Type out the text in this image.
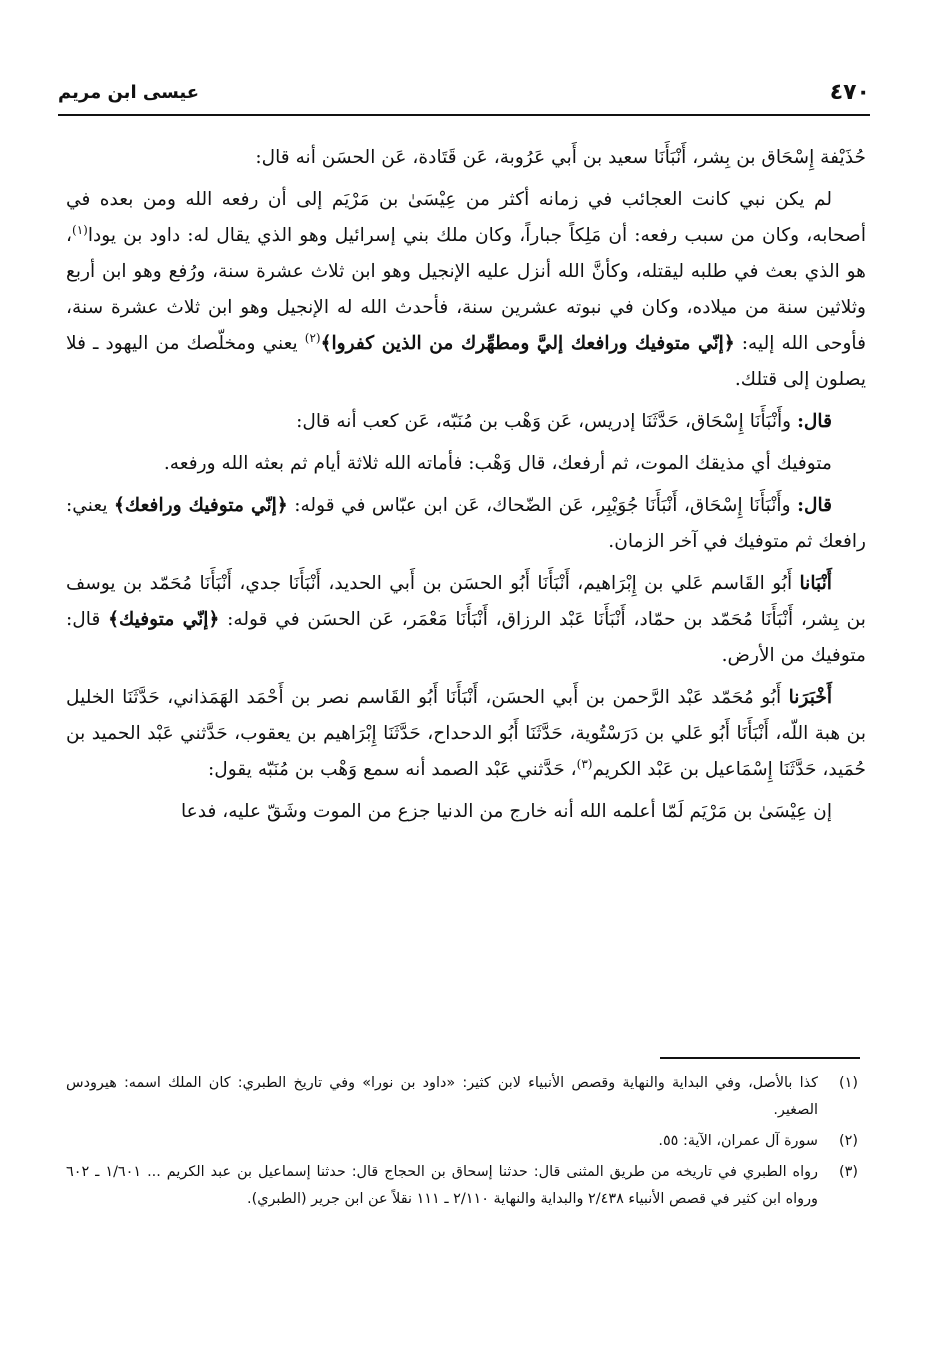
٤٧٠
عيسى ابن مريم

حُذَيْفة إِسْحَاق بن بِشر، أَنْبَأَنَا سعيد بن أَبي عَرُوبة، عَن قَتَادة، عَن الحسَن أنه قال:

لم يكن نبي كانت العجائب في زمانه أكثر من عِيْسَىٰ بن مَرْيَم إلى أن رفعه الله ومن بعده في أصحابه، وكان من سبب رفعه: أن مَلِكاً جباراً، وكان ملك بني إسرائيل وهو الذي يقال له: داود بن يودا$^{(١)}$، هو الذي بعث في طلبه ليقتله، وكأنَّ الله أنزل عليه الإنجيل وهو ابن ثلاث عشرة سنة، ورُفع وهو ابن أربع وثلاثين سنة من ميلاده، وكان في نبوته عشرين سنة، فأحدث الله له الإنجيل وهو ابن ثلاث عشرة سنة، فأوحى الله إليه: ﴿إنّي متوفيك ورافعك إليَّ ومطهِّرك من الذين كفروا﴾$^{(٢)}$ يعني ومخلّصك من اليهود ـ فلا يصلون إلى قتلك.

قال: وأَنْبَأَنَا إِسْحَاق، حَدَّثَنَا إدريس، عَن وَهْب بن مُنَبّه، عَن كعب أنه قال:

متوفيك أي مذيقك الموت، ثم أرفعك، قال وَهْب: فأماته الله ثلاثة أيام ثم بعثه الله ورفعه.

قال: وأَنْبَأَنَا إِسْحَاق، أَنْبَأَنَا جُوَيْبِر، عَن الضّحاك، عَن ابن عبّاس في قوله: ﴿إنّي متوفيك ورافعك﴾ يعني: رافعك ثم متوفيك في آخر الزمان.

أَنْبَانا أَبُو القَاسم عَلي بن إِبْرَاهيم، أَنْبَأَنَا أَبُو الحسَن بن أَبي الحديد، أَنْبَأَنَا جدي، أَنْبَأَنَا مُحَمّد بن يوسف بن بِشر، أَنْبَأَنَا مُحَمّد بن حمّاد، أَنْبَأَنَا عَبْد الرزاق، أَنْبَأَنَا مَعْمَر، عَن الحسَن في قوله: ﴿إنّي متوفيك﴾ قال: متوفيك من الأرض.

أَخْبَرَنا أَبُو مُحَمّد عَبْد الرَّحمن بن أَبي الحسَن، أَنْبَأَنَا أَبُو القَاسم نصر بن أَحْمَد الهَمَذاني، حَدَّثَنَا الخليل بن هبة اللّه، أَنْبَأَنَا أَبُو عَلي بن دَرَسْتُوية، حَدَّثَنَا أَبُو الدحداح، حَدَّثَنَا إِبْرَاهيم بن يعقوب، حَدَّثني عَبْد الحميد بن حُمَيد، حَدَّثَنَا إِسْمَاعيل بن عَبْد الكريم$^{(٣)}$، حَدَّثني عَبْد الصمد أنه سمع وَهْب بن مُنَبّه يقول:

إن عِيْسَىٰ بن مَرْيَم لَمّا أعلمه الله أنه خارج من الدنيا جزع من الموت وشَقّ عليه، فدعا

(١)
كذا بالأصل، وفي البداية والنهاية وقصص الأنبياء لابن كثير: «داود بن نورا» وفي تاريخ الطبري: كان الملك اسمه: هيرودس الصغير.
(٢)
سورة آل عمران، الآية: ٥٥.
(٣)
رواه الطبري في تاريخه من طريق المثنى قال: حدثنا إسحاق بن الحجاج قال: حدثنا إسماعيل بن عبد الكريم ... ١/٦٠١ ـ ٦٠٢ ورواه ابن كثير في قصص الأنبياء ٢/٤٣٨ والبداية والنهاية ٢/١١٠ ـ ١١١ نقلاً عن ابن جرير (الطبري).
